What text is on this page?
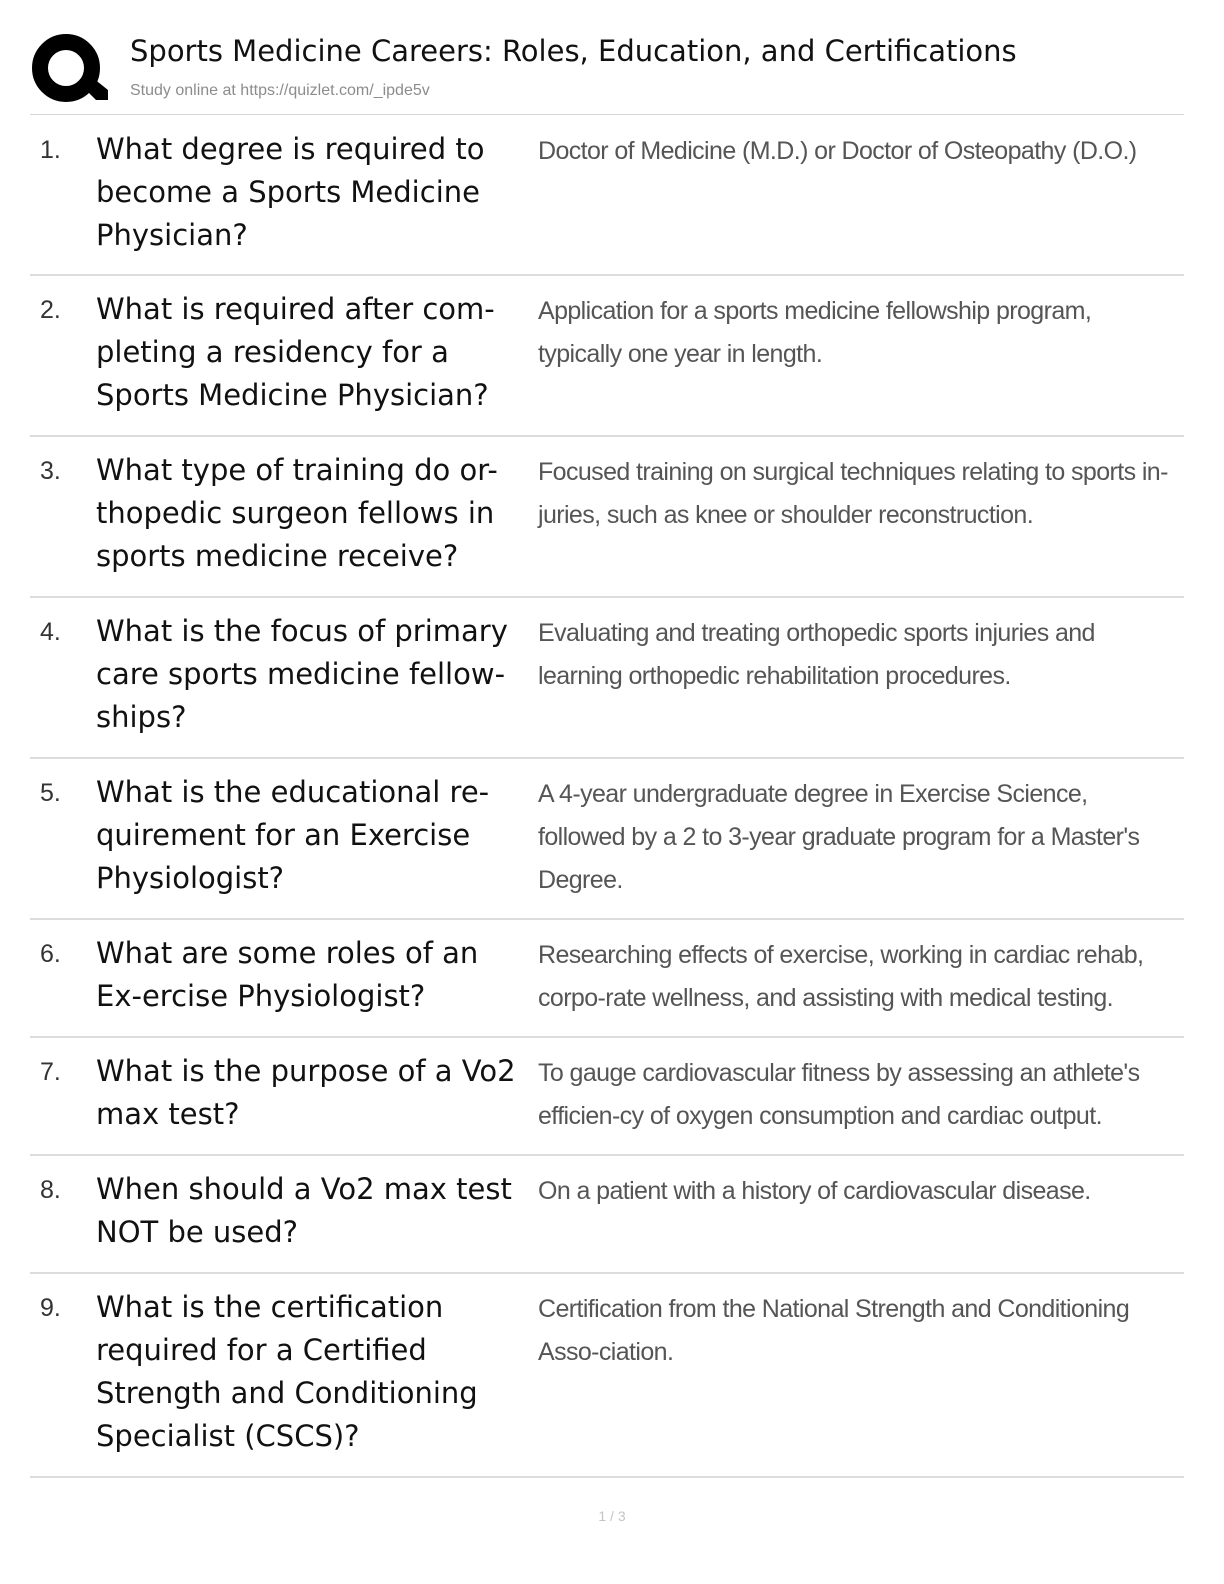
Sports Medicine Careers: Roles, Education, and Certifications
Study online at https://quizlet.com/_ipde5v
1. What degree is required to become a Sports Medicine Physician?
Doctor of Medicine (M.D.) or Doctor of Osteopathy (D.O.)
2. What is required after com-pleting a residency for a Sports Medicine Physician?
Application for a sports medicine fellowship program, typically one year in length.
3. What type of training do or-thopedic surgeon fellows in sports medicine receive?
Focused training on surgical techniques relating to sports in-juries, such as knee or shoulder reconstruction.
4. What is the focus of primary care sports medicine fellow-ships?
Evaluating and treating orthopedic sports injuries and learning orthopedic rehabilitation procedures.
5. What is the educational re-quirement for an Exercise Physiologist?
A 4-year undergraduate degree in Exercise Science, followed by a 2 to 3-year graduate program for a Master's Degree.
6. What are some roles of an Ex-ercise Physiologist?
Researching effects of exercise, working in cardiac rehab, corpo-rate wellness, and assisting with medical testing.
7. What is the purpose of a Vo2 max test?
To gauge cardiovascular fitness by assessing an athlete's efficien-cy of oxygen consumption and cardiac output.
8. When should a Vo2 max test NOT be used?
On a patient with a history of cardiovascular disease.
9. What is the certification required for a Certified Strength and Conditioning Specialist (CSCS)?
Certification from the National Strength and Conditioning Asso-ciation.
1 / 3
